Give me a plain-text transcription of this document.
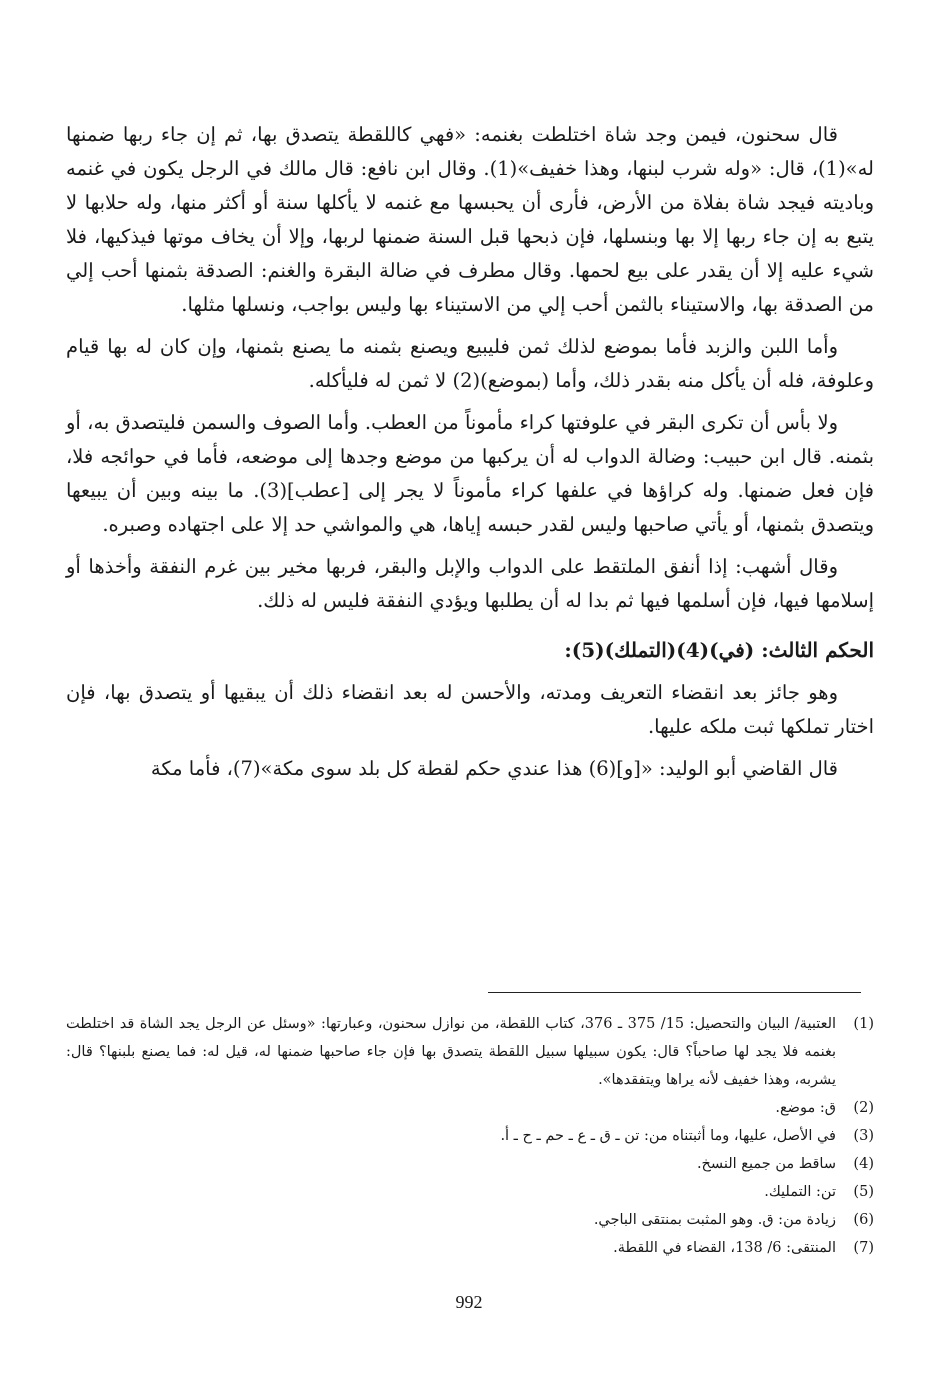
قال سحنون، فيمن وجد شاة اختلطت بغنمه: «فهي كاللقطة يتصدق بها، ثم إن جاء ربها ضمنها له»(1)، قال: «وله شرب لبنها، وهذا خفيف»(1). وقال ابن نافع: قال مالك في الرجل يكون في غنمه وباديته فيجد شاة بفلاة من الأرض، فأرى أن يحبسها مع غنمه لا يأكلها سنة أو أكثر منها، وله حلابها لا يتبع به إن جاء ربها إلا بها وبنسلها، فإن ذبحها قبل السنة ضمنها لربها، وإلا أن يخاف موتها فيذكيها، فلا شيء عليه إلا أن يقدر على بيع لحمها. وقال مطرف في ضالة البقرة والغنم: الصدقة بثمنها أحب إلي من الصدقة بها، والاستيناء بالثمن أحب إلي من الاستيناء بها وليس بواجب، ونسلها مثلها.

وأما اللبن والزبد فأما بموضع لذلك ثمن فليبيع ويصنع بثمنه ما يصنع بثمنها، وإن كان له بها قيام وعلوفة، فله أن يأكل منه بقدر ذلك، وأما (بموضع)(2) لا ثمن له فليأكله.

ولا بأس أن تكرى البقر في علوفتها كراء مأموناً من العطب. وأما الصوف والسمن فليتصدق به، أو بثمنه. قال ابن حبيب: وضالة الدواب له أن يركبها من موضع وجدها إلى موضعه، فأما في حوائجه فلا، فإن فعل ضمنها. وله كراؤها في علفها كراء مأموناً لا يجر إلى [عطب](3). ما بينه وبين أن يبيعها ويتصدق بثمنها، أو يأتي صاحبها وليس لقدر حبسه إياها، هي والمواشي حد إلا على اجتهاده وصبره.

وقال أشهب: إذا أنفق الملتقط على الدواب والإبل والبقر، فربها مخير بين غرم النفقة وأخذها أو إسلامها فيها، فإن أسلمها فيها ثم بدا له أن يطلبها ويؤدي النفقة فليس له ذلك.

الحكم الثالث: (في)(4)(التملك)(5):

وهو جائز بعد انقضاء التعريف ومدته، والأحسن له بعد انقضاء ذلك أن يبقيها أو يتصدق بها، فإن اختار تملكها ثبت ملكه عليها.

قال القاضي أبو الوليد: «[و](6) هذا عندي حكم لقطة كل بلد سوى مكة»(7)، فأما مكة

(1)
العتبية/ البيان والتحصيل: 15/ 375 ـ 376، كتاب اللقطة، من نوازل سحنون، وعبارتها: «وسئل عن الرجل يجد الشاة قد اختلطت بغنمه فلا يجد لها صاحباً؟ قال: يكون سبيلها سبيل اللقطة يتصدق بها فإن جاء صاحبها ضمنها له، قيل له: فما يصنع بلبنها؟ قال: يشربه، وهذا خفيف لأنه يراها ويتفقدها».
(2)
ق: موضع.
(3)
في الأصل، عليها، وما أثبتناه من: تن ـ ق ـ ع ـ حم ـ ح ـ أ.
(4)
ساقط من جميع النسخ.
(5)
تن: التمليك.
(6)
زيادة من: ق. وهو المثبت بمنتقى الباجي.
(7)
المنتقى: 6/ 138، القضاء في اللقطة.
992
